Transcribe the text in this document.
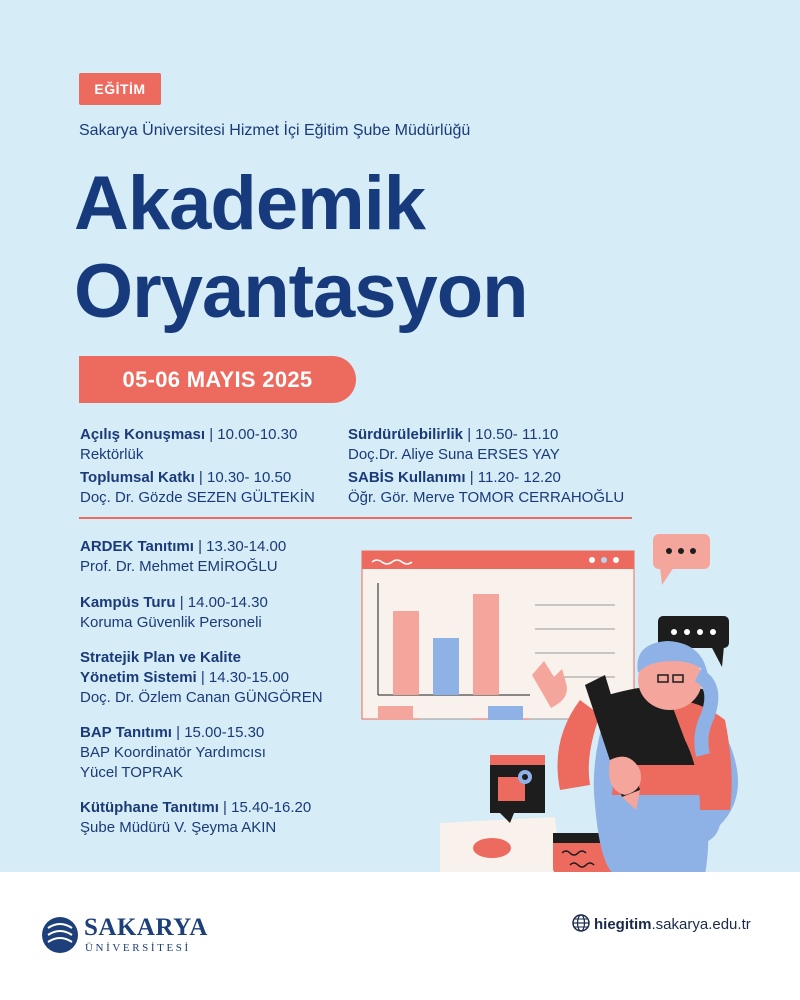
EĞİTİM
Sakarya Üniversitesi Hizmet İçi Eğitim Şube Müdürlüğü
Akademik
Oryantasyon
05-06 MAYIS 2025
Açılış Konuşması | 10.00-10.30
Rektörlük
Toplumsal Katkı | 10.30- 10.50
Doç. Dr. Gözde SEZEN GÜLTEKİN
Sürdürülebilirlik | 10.50- 11.10
Doç.Dr. Aliye Suna ERSES YAY
SABİS Kullanımı | 11.20- 12.20
Öğr. Gör. Merve TOMOR CERRAHOĞLU
ARDEK Tanıtımı | 13.30-14.00
Prof. Dr. Mehmet EMİROĞLU
Kampüs Turu | 14.00-14.30
Koruma Güvenlik Personeli
Stratejik Plan ve Kalite
Yönetim Sistemi | 14.30-15.00
Doç. Dr. Özlem Canan GÜNGÖREN
BAP Tanıtımı | 15.00-15.30
BAP Koordinatör Yardımcısı
Yücel TOPRAK
Kütüphane Tanıtımı | 15.40-16.20
Şube Müdürü V. Şeyma AKIN
SAKARYA
ÜNİVERSİTESİ
hiegitim.sakarya.edu.tr
